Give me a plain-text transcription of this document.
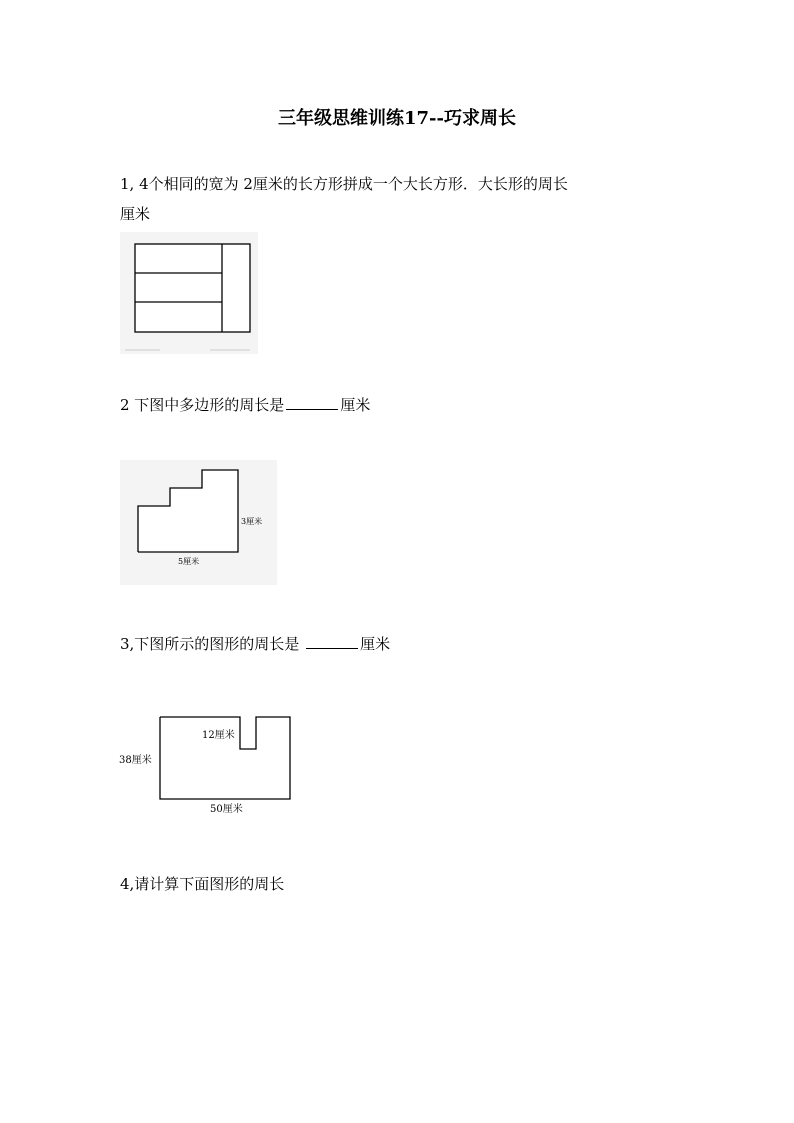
三年级思维训练17--巧求周长
1, 4个相同的宽为 2厘米的长方形拼成一个大长方形．大长形的周长
厘米
2 下图中多边形的周长是	厘米
3厘米
5厘米
3,下图所示的图形的周长是	厘米
38厘米
12厘米
50厘米
4,请计算下面图形的周长
